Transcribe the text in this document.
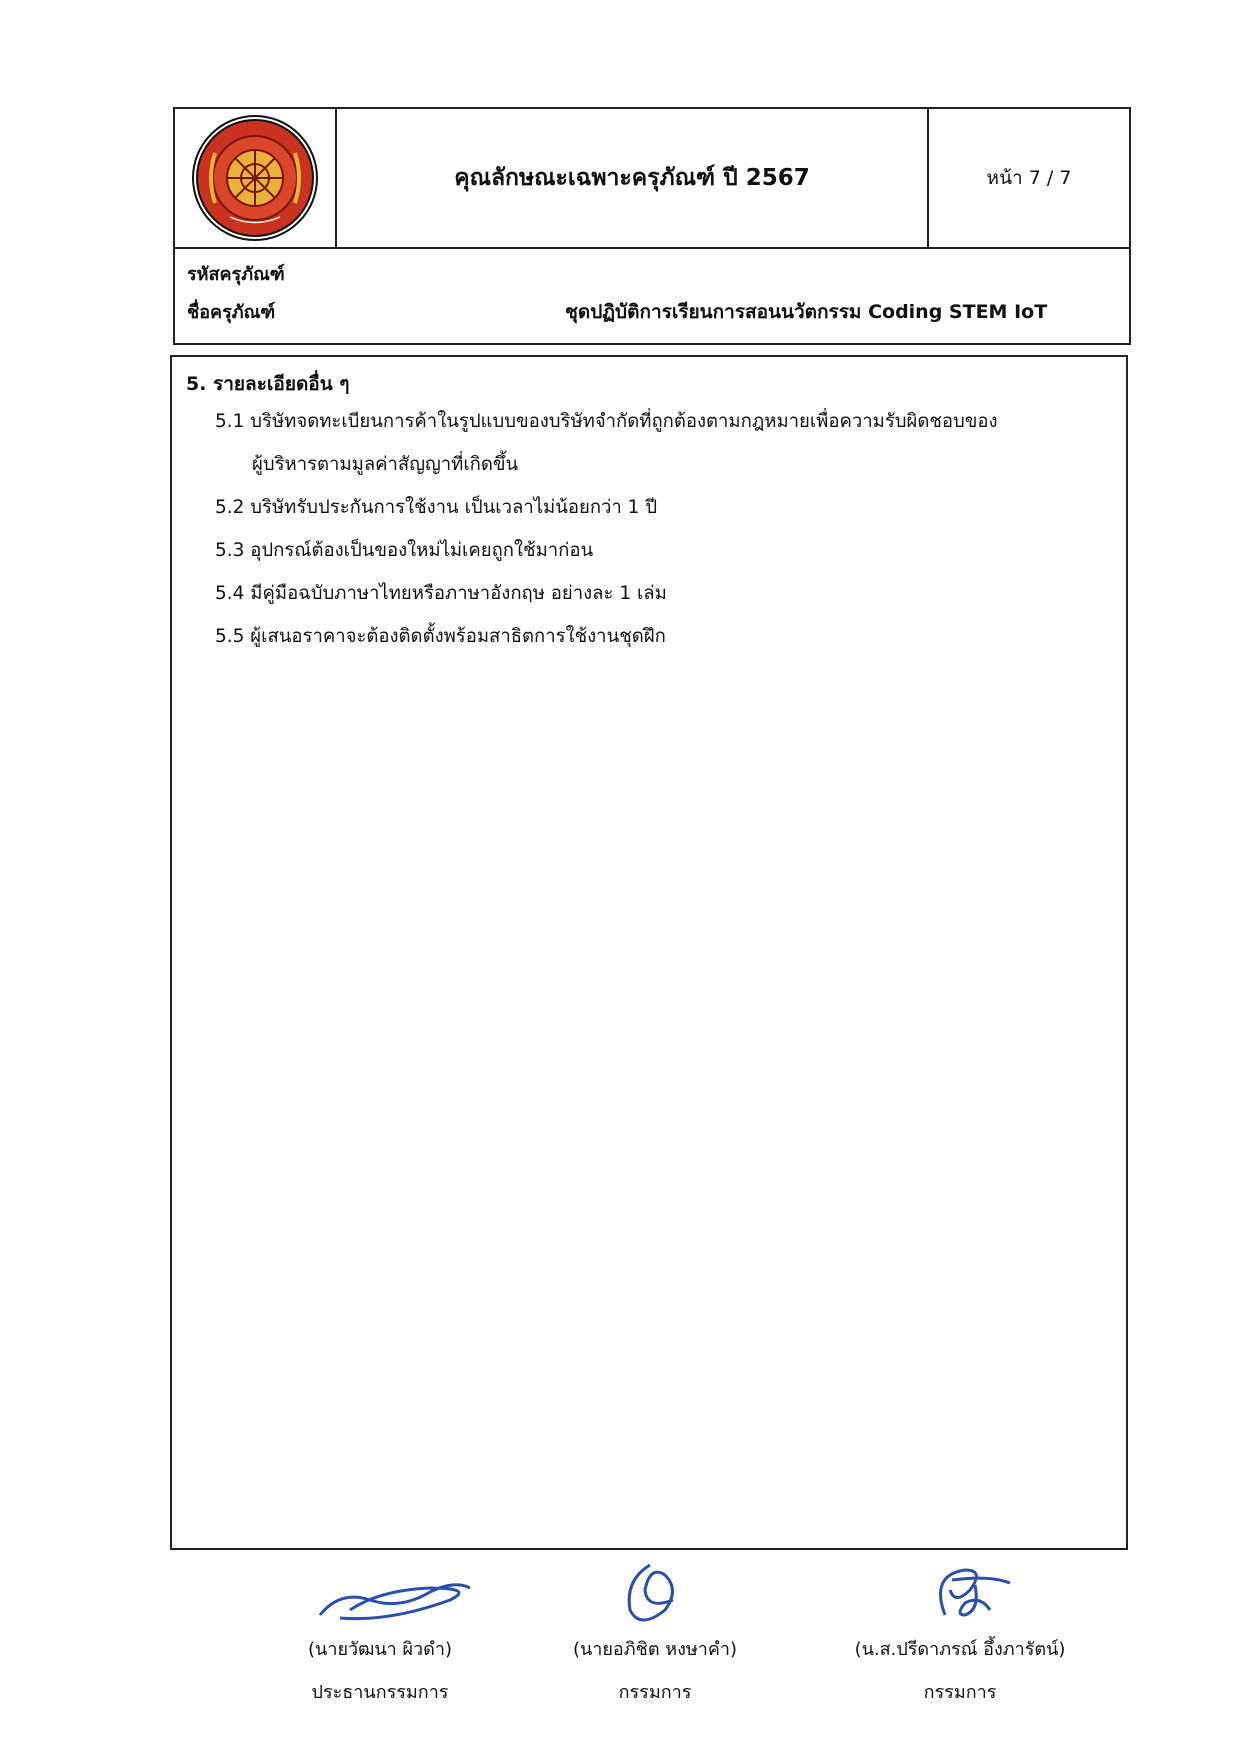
คุณลักษณะเฉพาะครุภัณฑ์ ปี 2567	หน้า 7 / 7
รหัสครุภัณฑ์
ชื่อครุภัณฑ์	ชุดปฏิบัติการเรียนการสอนนวัตกรรม Coding STEM IoT
5. รายละเอียดอื่น ๆ
5.1 บริษัทจดทะเบียนการค้าในรูปแบบของบริษัทจำกัดที่ถูกต้องตามกฎหมายเพื่อความรับผิดชอบของ
ผู้บริหารตามมูลค่าสัญญาที่เกิดขึ้น
5.2 บริษัทรับประกันการใช้งาน เป็นเวลาไม่น้อยกว่า 1 ปี
5.3 อุปกรณ์ต้องเป็นของใหม่ไม่เคยถูกใช้มาก่อน
5.4 มีคู่มือฉบับภาษาไทยหรือภาษาอังกฤษ อย่างละ 1 เล่ม
5.5 ผู้เสนอราคาจะต้องติดตั้งพร้อมสาธิตการใช้งานชุดฝึก
(นายวัฒนา ผิวดำ)
ประธานกรรมการ
(นายอภิชิต หงษาคำ)
กรรมการ
(น.ส.ปรีดาภรณ์ อึ้งภารัตน์)
กรรมการ
